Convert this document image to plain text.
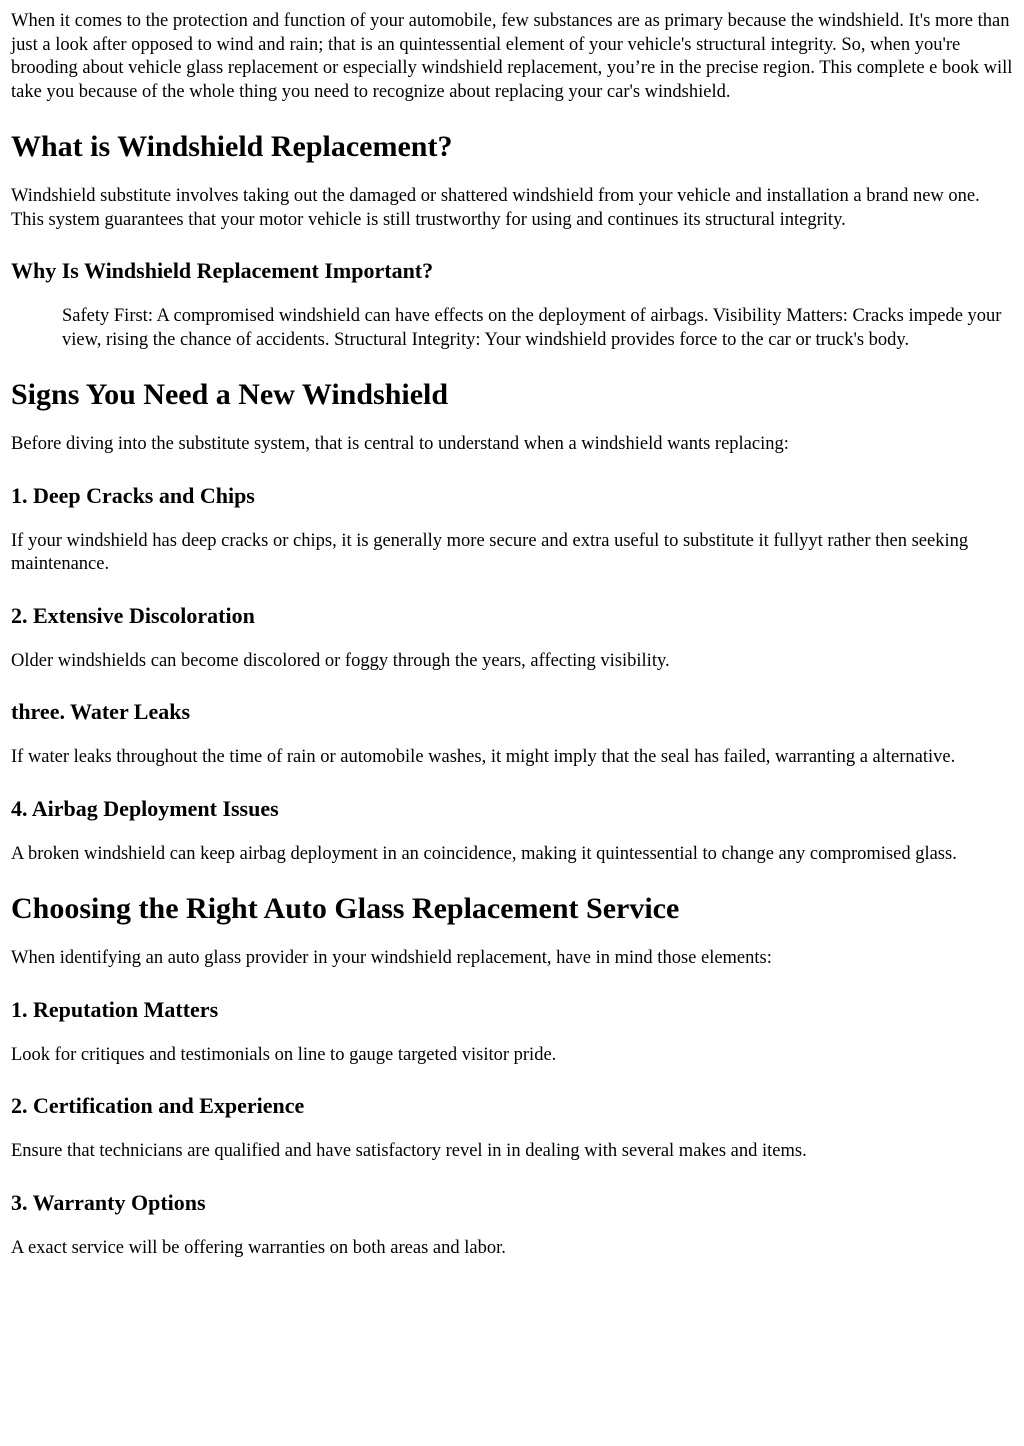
When it comes to the protection and function of your automobile, few substances are as primary because the windshield. It's more than just a look after opposed to wind and rain; that is an quintessential element of your vehicle's structural integrity. So, when you're brooding about vehicle glass replacement or especially windshield replacement, you’re in the precise region. This complete e book will take you because of the whole thing you need to recognize about replacing your car's windshield.

What is Windshield Replacement?

Windshield substitute involves taking out the damaged or shattered windshield from your vehicle and installation a brand new one. This system guarantees that your motor vehicle is still trustworthy for using and continues its structural integrity.

Why Is Windshield Replacement Important?
Safety First: A compromised windshield can have effects on the deployment of airbags. Visibility Matters: Cracks impede your view, rising the chance of accidents. Structural Integrity: Your windshield provides force to the car or truck's body.
Signs You Need a New Windshield

Before diving into the substitute system, that is central to understand when a windshield wants replacing:

1. Deep Cracks and Chips

If your windshield has deep cracks or chips, it is generally more secure and extra useful to substitute it fullyyt rather then seeking maintenance.

2. Extensive Discoloration

Older windshields can become discolored or foggy through the years, affecting visibility.

three. Water Leaks

If water leaks throughout the time of rain or automobile washes, it might imply that the seal has failed, warranting a alternative.

4. Airbag Deployment Issues

A broken windshield can keep airbag deployment in an coincidence, making it quintessential to change any compromised glass.

Choosing the Right Auto Glass Replacement Service

When identifying an auto glass provider in your windshield replacement, have in mind those elements:

1. Reputation Matters

Look for critiques and testimonials on line to gauge targeted visitor pride.

2. Certification and Experience

Ensure that technicians are qualified and have satisfactory revel in in dealing with several makes and items.

3. Warranty Options

A exact service will be offering warranties on both areas and labor.
